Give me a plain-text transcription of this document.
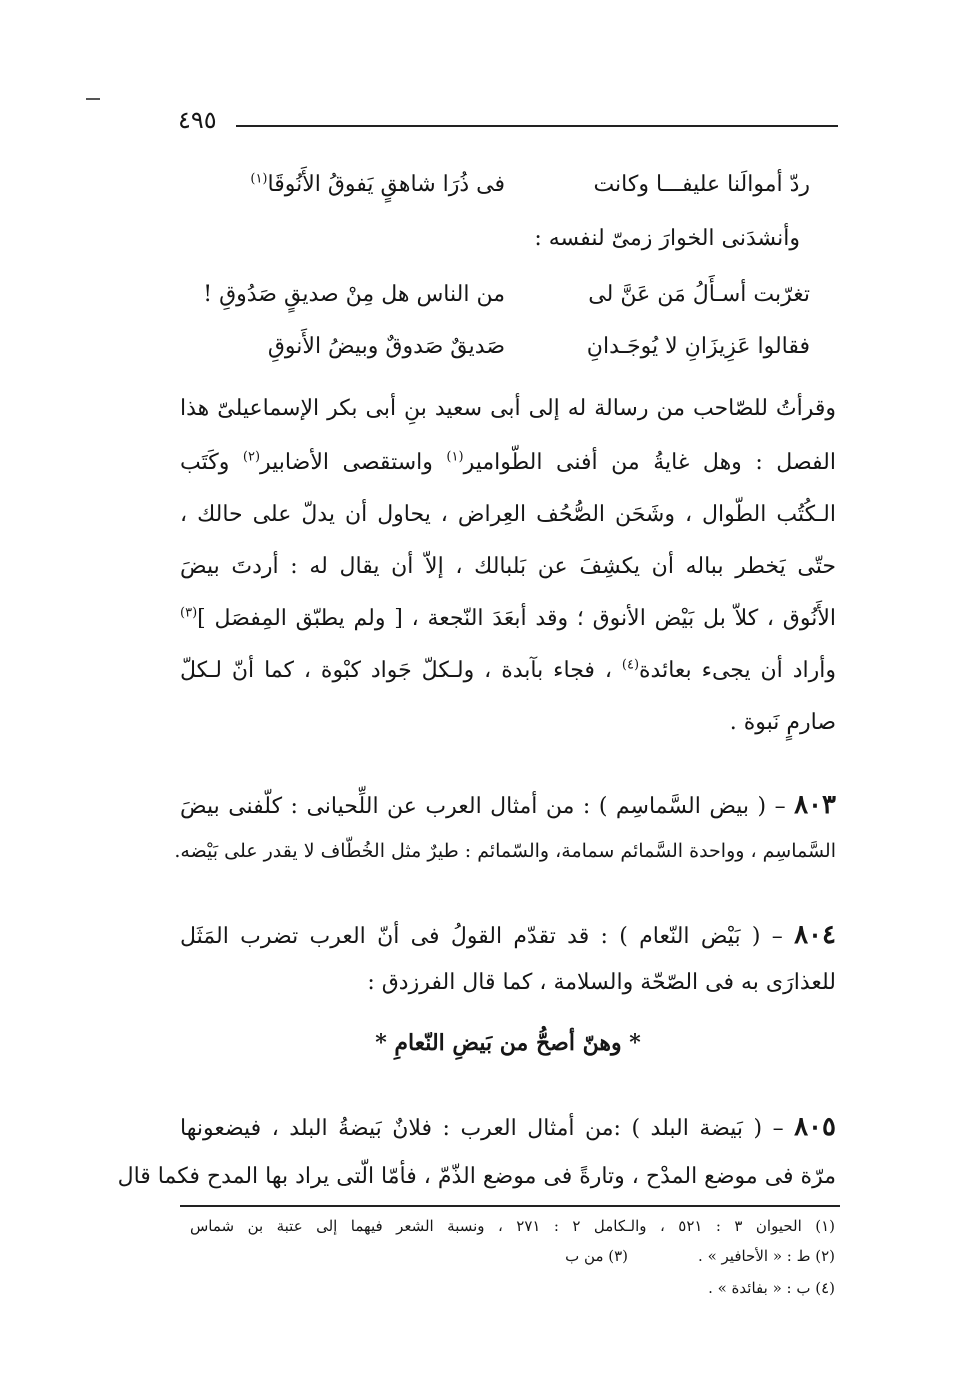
٤٩٥
ردّ أموالَنا عليفـــا وكانت
فى ذُرَا شاهقٍ يَفوقُ الأَنُوقَا$^{(١)}$
وأنشدَنى الخوارَ زمىّ لنفسه :
تغرّبت أسـأَلُ مَن عَنَّ لى
من الناس هل مِنْ صديقٍ صَدُوقِ !
فقالوا عَزِيزَانِ لا يُوجَـدانِ
صَديقٌ صَدوقٌ وبيضُ الأَنوقِ
وقرأتُ للصّاحب من رسالة له إلى أبى سعيد بنِ أبى بكر الإسماعيلىّ هذا
الفصل : وهل غايةُ من أفنى الطّوامير$^{(١)}$ واستقصى الأضابير$^{(٢)}$ وكَتَب
الـكُتُب الطّوال ، وشَحَن الصُّحُف العِراض ، يحاول أن يدلّ على حالك ،
حتّى يَخطر بباله أن يكشِفَ عن بَلبالك ، إلاّ أن يقال له : أردتَ بيضَ
الأَنُوق ، كلاّ بل بَيْض الأنوق ؛ وقد أبعَدَ النّجعة ، [ ولم يطبّق المِفصَل ]$^{(٣)}$
وأراد أن يجىء بعائدة$^{(٤)}$ ، فجاء بآبدة ، ولـكلّ جَواد كبْوة ، كما أنّ لـكلّ
صارمٍ نَبوة .
٨٠٣ – ( بيض السَّماسِم ) : من أمثال العرب عن اللِّحيانى : كلّفنى بيضَ
السَّماسِم ، وواحدة السَّمائم سمامة، والسّمائم : طيرٌ مثل الخُطّاف لا يقدر على بَيْضه.
٨٠٤ – ( بَيْض النّعام ) : قد تقدّم القولُ فى أنّ العرب تضرب المَثَل
للعذارَى به فى الصّحّة والسلامة ، كما قال الفرزدق :
* وهنّ أصحُّ من بَيضِ النّعامِ *
٨٠٥ – ( بَيضة البلد ) :من أمثال العرب : فلانٌ بَيضةُ البلد ، فيضعونها
مرّة فى موضع المدْح ، وتارةً فى موضع الذّمّ ، فأمّا الّتى يراد بها المدح فكما قال
(١) الحيوان ٣ : ٥٢١ ، والـكامل ٢ : ٢٧١ ، ونسبة الشعر فيهما إلى عتبة بن شماس
(٢) ط : « الأحافير » .(٣) من ب
(٤) ب : « بفائدة » .
